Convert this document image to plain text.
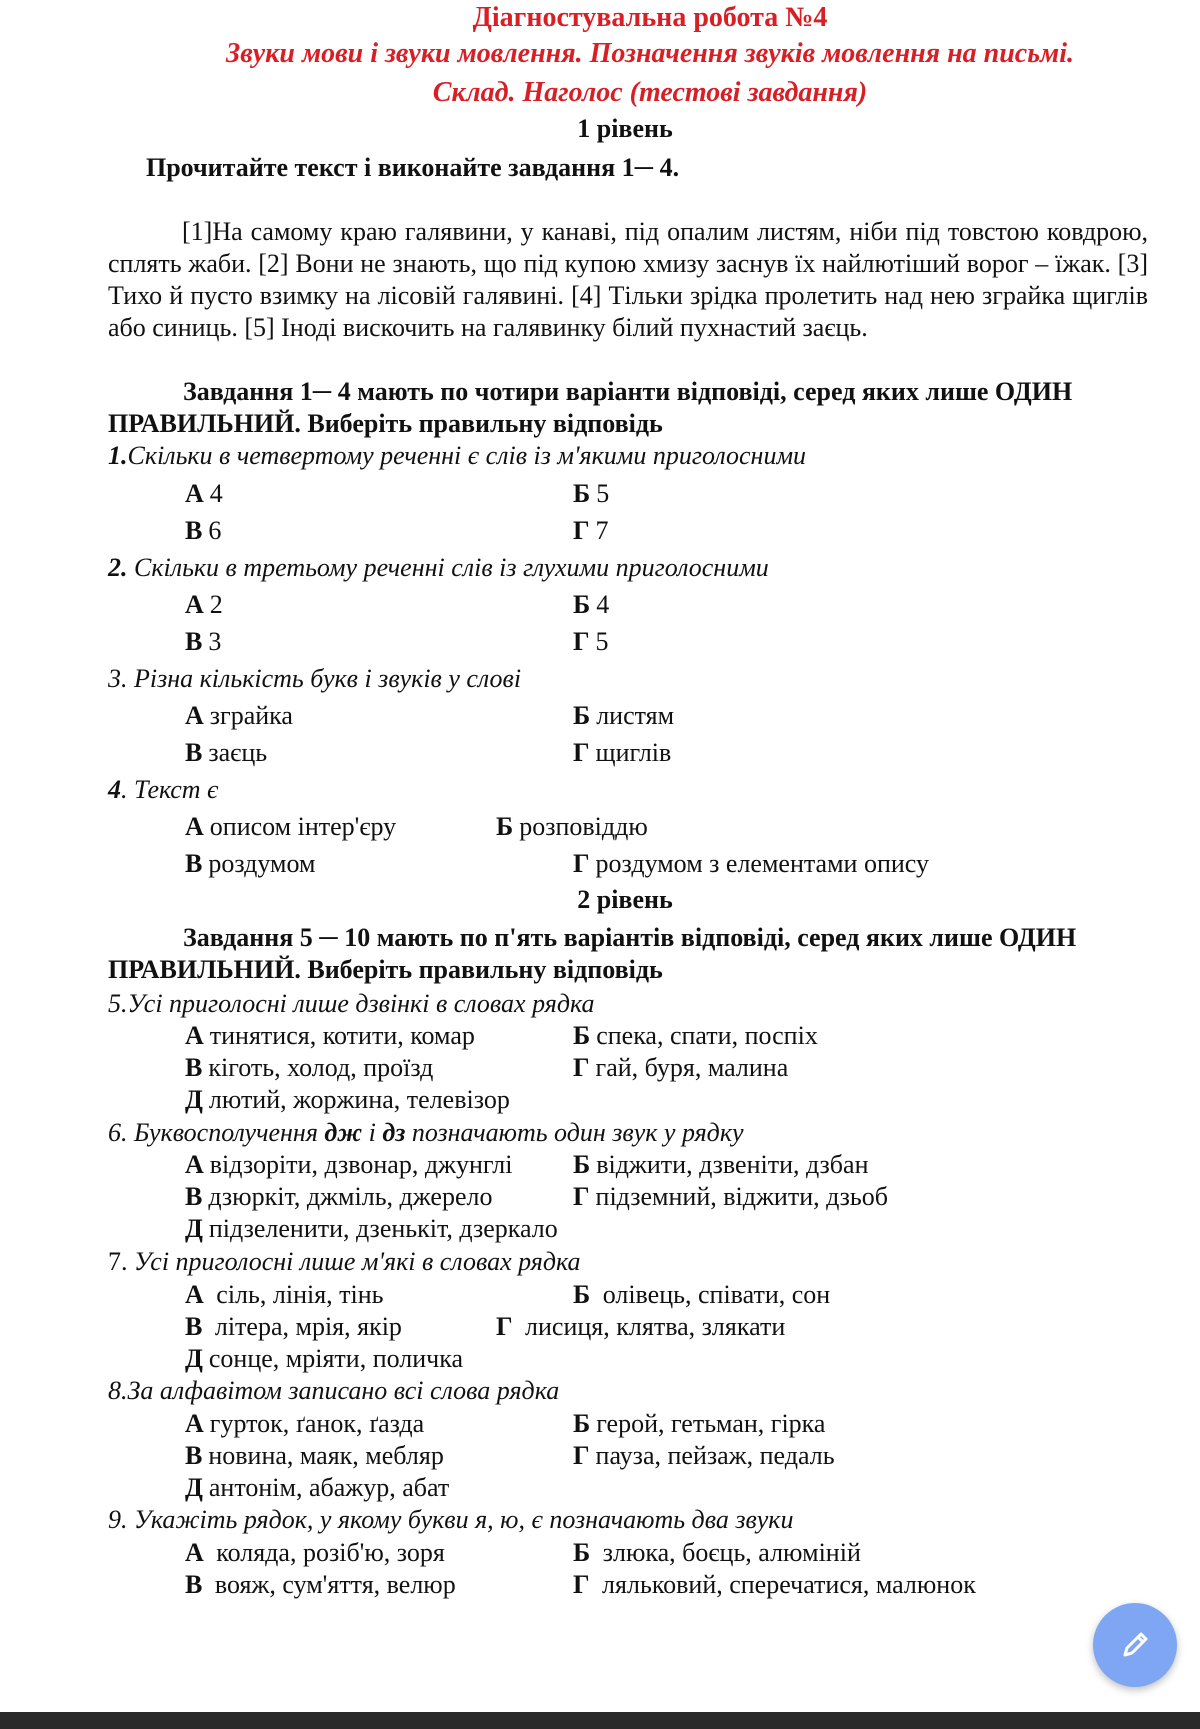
Діагностувальна робота №4
Звуки мови і звуки мовлення. Позначення звуків мовлення на письмі.
Склад. Наголос (тестові завдання)
1 рівень
Прочитайте текст і виконайте завдання 1─ 4.
[1]На самому краю галявини, у канаві, під опалим листям, ніби під товстою ковдрою, сплять жаби. [2] Вони не знають, що під купою хмизу заснув їх найлютіший ворог – їжак. [3] Тихо й пусто взимку на лісовій галявині. [4] Тільки зрідка пролетить над нею зграйка щиглів або синиць. [5] Іноді вискочить на галявинку білий пухнастий заєць.
Завдання 1─ 4 мають по чотири варіанти відповіді, серед яких лише ОДИН
ПРАВИЛЬНИЙ. Виберіть правильну відповідь
1.Скільки в четвертому реченні є слів із м'якими приголосними
А 4	Б 5
В 6	Г 7
2. Скільки в третьому реченні слів із глухими приголосними
А 2	Б 4
В 3	Г 5
3. Різна кількість букв і звуків у слові
А зграйка	Б листям
В заєць	Г щиглів
4. Текст є
А описом інтер'єру	Б розповіддю
В роздумом	Г роздумом з елементами опису
2 рівень
Завдання 5 ─ 10 мають по п'ять варіантів відповіді, серед яких лише ОДИН
ПРАВИЛЬНИЙ. Виберіть правильну відповідь
5.Усі приголосні лише дзвінкі в словах рядка
А тинятися, котити, комар	Б спека, спати, поспіх
В кіготь, холод, проїзд	Г гай, буря, малина
Д лютий, жоржина, телевізор
6. Буквосполучення дж і дз позначають один звук у рядку
А відзоріти, дзвонар, джунглі Б віджити, дзвеніти, дзбан
В дзюркіт, джміль, джерело	Г підземний, віджити, дзьоб
Д підзеленити, дзенькіт, дзеркало
7. Усі приголосні лише м'які в словах рядка
А сіль, лінія, тінь	Б олівець, співати, сон
В літера, мрія, якір	Г лисиця, клятва, злякати
Д сонце, мріяти, поличка
8.За алфавітом записано всі слова рядка
А гурток, ґанок, ґазда	Б герой, гетьман, гірка
В новина, маяк, мебляр	Г пауза, пейзаж, педаль
Д антонім, абажур, абат
9. Укажіть рядок, у якому букви я, ю, є позначають два звуки
А коляда, розіб'ю, зоря	Б злюка, боєць, алюміній
В вояж, сум'яття, велюр	Г ляльковий, сперечатися, малюнок
